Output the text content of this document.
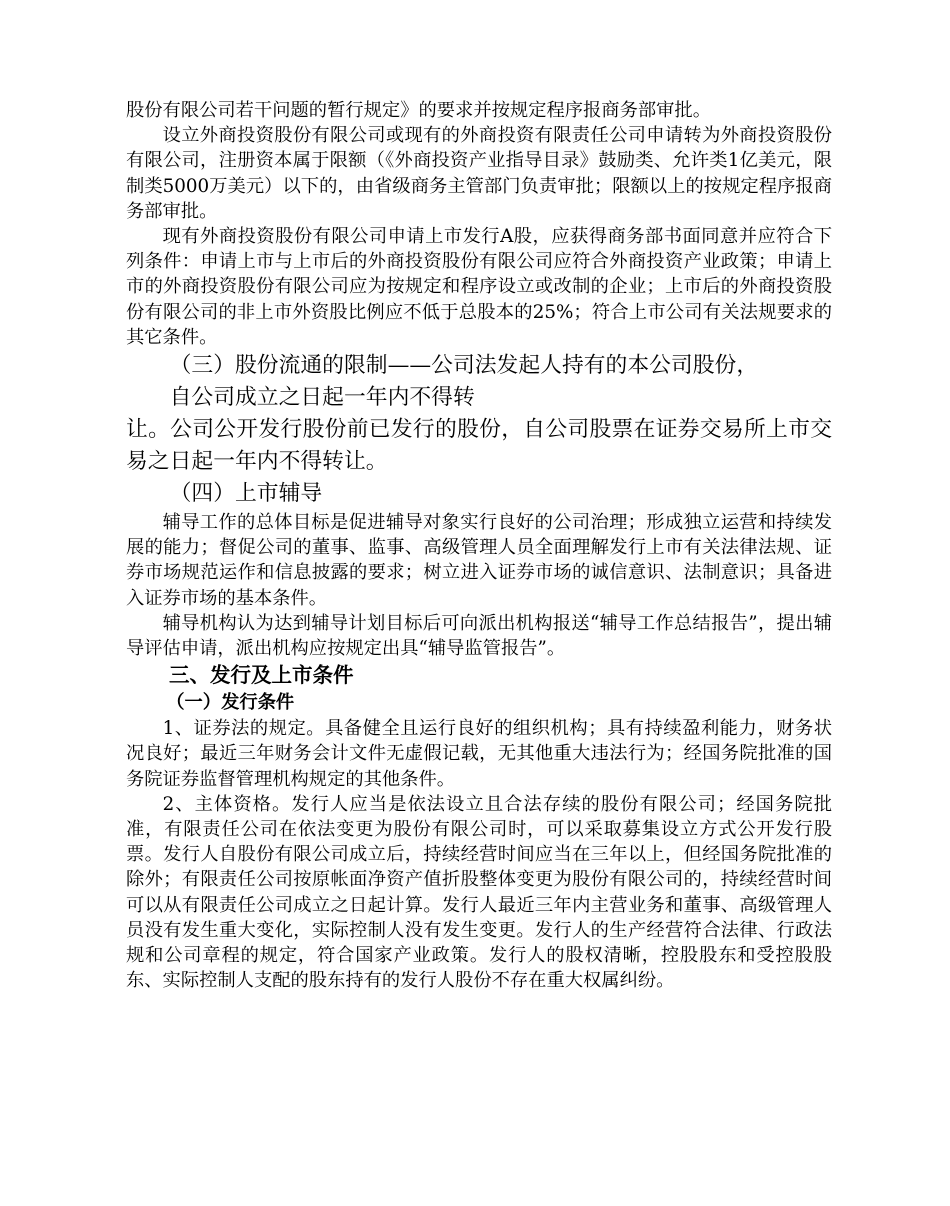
股份有限公司若干问题的暂行规定》的要求并按规定程序报商务部审批。

设立外商投资股份有限公司或现有的外商投资有限责任公司申请转为外商投资股份有限公司，注册资本属于限额（《外商投资产业指导目录》鼓励类、允许类1亿美元，限制类5000万美元）以下的，由省级商务主管部门负责审批；限额以上的按规定程序报商务部审批。

现有外商投资股份有限公司申请上市发行A股，应获得商务部书面同意并应符合下列条件：申请上市与上市后的外商投资股份有限公司应符合外商投资产业政策；申请上市的外商投资股份有限公司应为按规定和程序设立或改制的企业；上市后的外商投资股份有限公司的非上市外资股比例应不低于总股本的25%；符合上市公司有关法规要求的其它条件。

（三）股份流通的限制——公司法发起人持有的本公司股份，

自公司成立之日起一年内不得转

让。公司公开发行股份前已发行的股份，自公司股票在证券交易所上市交易之日起一年内不得转让。

（四）上市辅导

辅导工作的总体目标是促进辅导对象实行良好的公司治理；形成独立运营和持续发展的能力；督促公司的董事、监事、高级管理人员全面理解发行上市有关法律法规、证券市场规范运作和信息披露的要求；树立进入证券市场的诚信意识、法制意识；具备进入证券市场的基本条件。

辅导机构认为达到辅导计划目标后可向派出机构报送“辅导工作总结报告”，提出辅导评估申请，派出机构应按规定出具“辅导监管报告”。

三、发行及上市条件

（一）发行条件

1、证券法的规定。具备健全且运行良好的组织机构；具有持续盈利能力，财务状况良好；最近三年财务会计文件无虚假记载，无其他重大违法行为；经国务院批准的国务院证券监督管理机构规定的其他条件。

2、主体资格。发行人应当是依法设立且合法存续的股份有限公司；经国务院批准，有限责任公司在依法变更为股份有限公司时，可以采取募集设立方式公开发行股票。发行人自股份有限公司成立后，持续经营时间应当在三年以上，但经国务院批准的除外；有限责任公司按原帐面净资产值折股整体变更为股份有限公司的，持续经营时间可以从有限责任公司成立之日起计算。发行人最近三年内主营业务和董事、高级管理人员没有发生重大变化，实际控制人没有发生变更。发行人的生产经营符合法律、行政法规和公司章程的规定，符合国家产业政策。发行人的股权清晰，控股股东和受控股股东、实际控制人支配的股东持有的发行人股份不存在重大权属纠纷。
